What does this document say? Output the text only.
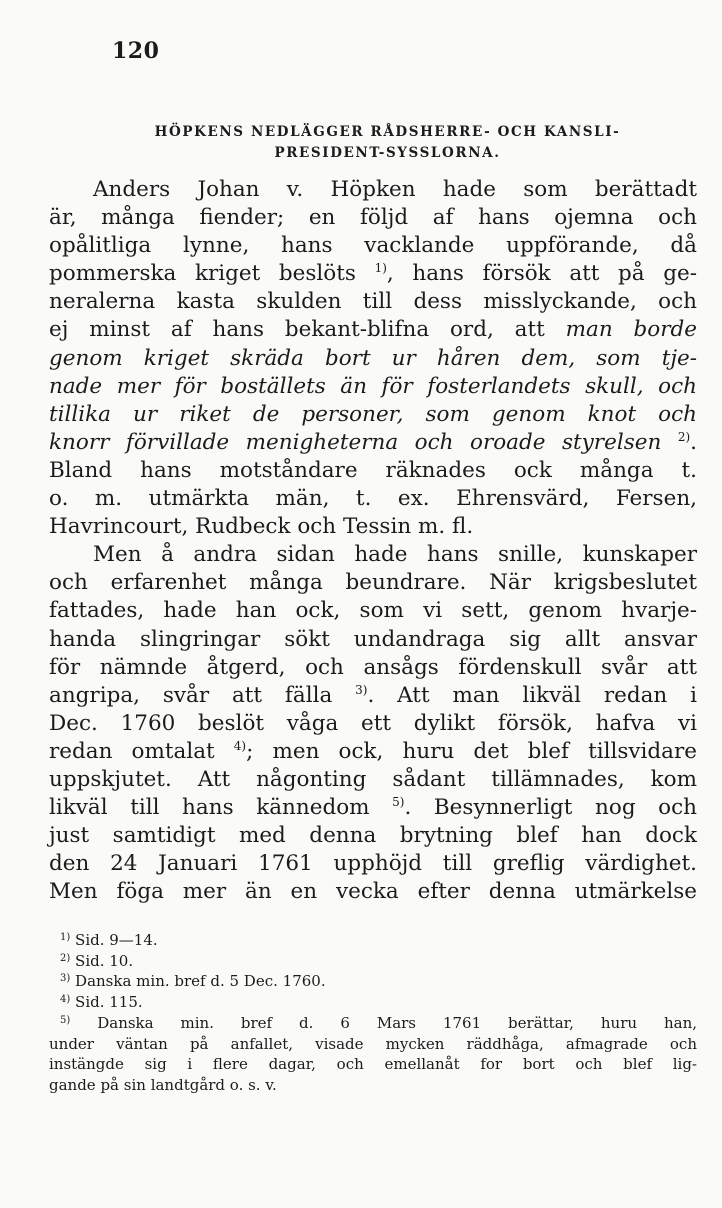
120
HÖPKENS NEDLÄGGER RÅDSHERRE- OCH KANSLI-
PRESIDENT-SYSSLORNA.
Anders Johan v. Höpken hade som berättadt
är, många fiender; en följd af hans ojemna och
opålitliga lynne, hans vacklande uppförande, då
pommerska kriget beslöts $^{1)}$, hans försök att på ge-
neralerna kasta skulden till dess misslyckande, och
ej minst af hans bekant-blifna ord, att man borde
genom kriget skräda bort ur håren dem, som tje-
nade mer för boställets än för fosterlandets skull, och
tillika ur riket de personer, som genom knot och
knorr förvillade menigheterna och oroade styrelsen $^{2)}$.
Bland hans motståndare räknades ock många t.
o. m. utmärkta män, t. ex. Ehrensvärd, Fersen,
Havrincourt, Rudbeck och Tessin m. fl.
Men å andra sidan hade hans snille, kunskaper
och erfarenhet många beundrare. När krigsbeslutet
fattades, hade han ock, som vi sett, genom hvarje-
handa slingringar sökt undandraga sig allt ansvar
för nämnde åtgerd, och ansågs fördenskull svår att
angripa, svår att fälla $^{3)}$. Att man likväl redan i
Dec. 1760 beslöt våga ett dylikt försök, hafva vi
redan omtalat $^{4)}$; men ock, huru det blef tillsvidare
uppskjutet. Att någonting sådant tillämnades, kom
likväl till hans kännedom $^{5)}$. Besynnerligt nog och
just samtidigt med denna brytning blef han dock
den 24 Januari 1761 upphöjd till greflig värdighet.
Men föga mer än en vecka efter denna utmärkelse
$^{1)}$ Sid. 9—14.
$^{2)}$ Sid. 10.
$^{3)}$ Danska min. bref d. 5 Dec. 1760.
$^{4)}$ Sid. 115.
$^{5)}$ Danska min. bref d. 6 Mars 1761 berättar, huru han,
under väntan på anfallet, visade mycken räddhåga, afmagrade och
instängde sig i flere dagar, och emellanåt for bort och blef lig-
gande på sin landtgård o. s. v.
